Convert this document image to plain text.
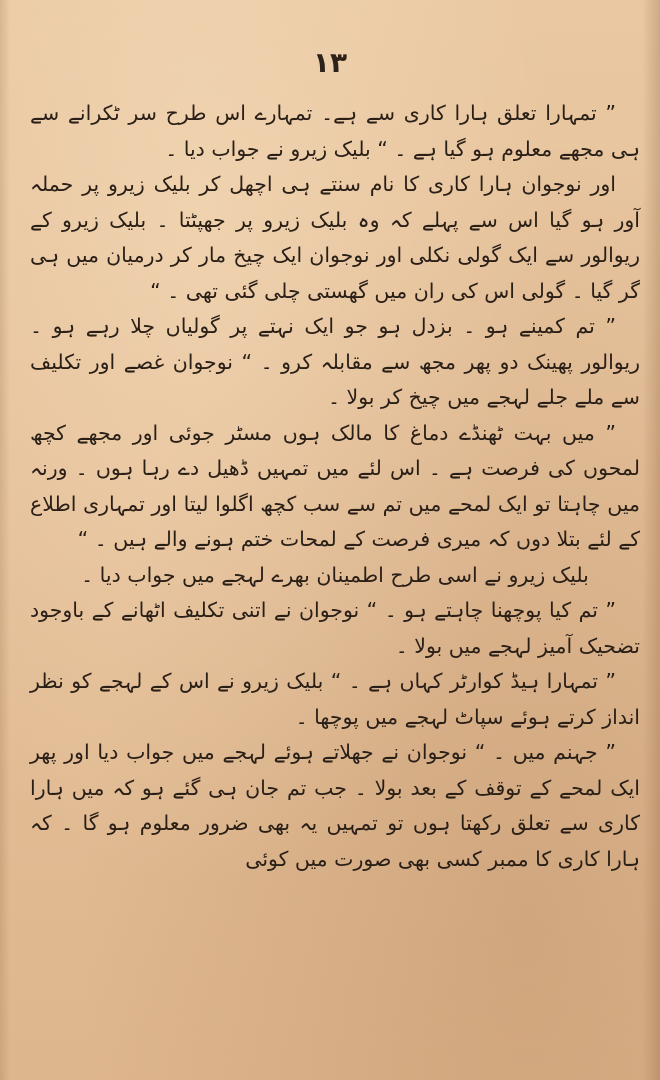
۱۳

” تمہارا تعلق ہارا کاری سے ہے۔ تمہارے اس طرح سر ٹکرانے سے ہی مجھے معلوم ہو گیا ہے ۔ “ بلیک زیرو نے جواب دیا ۔

اور نوجوان ہارا کاری کا نام سنتے ہی اچھل کر بلیک زیرو پر حملہ آور ہو گیا اس سے پہلے کہ وہ بلیک زیرو پر جھپٹتا ۔ بلیک زیرو کے ریوالور سے ایک گولی نکلی اور نوجوان ایک چیخ مار کر درمیان میں ہی گر گیا ۔ گولی اس کی ران میں گھستی چلی گئی تھی ۔ “

” تم کمینے ہو ۔ بزدل ہو جو ایک نہتے پر گولیاں چلا رہے ہو ۔ ریوالور پھینک دو پھر مجھ سے مقابلہ کرو ۔ “ نوجوان غصے اور تکلیف سے ملے جلے لہجے میں چیخ کر بولا ۔

” میں بہت ٹھنڈے دماغ کا مالک ہوں مسٹر جوئی اور مجھے کچھ لمحوں کی فرصت ہے ۔ اس لئے میں تمہیں ڈھیل دے رہا ہوں ۔ ورنہ میں چاہتا تو ایک لمحے میں تم سے سب کچھ اگلوا لیتا اور تمہاری اطلاع کے لئے بتلا دوں کہ میری فرصت کے لمحات ختم ہونے والے ہیں ۔ “

بلیک زیرو نے اسی طرح اطمینان بھرے لہجے میں جواب دیا ۔

” تم کیا پوچھنا چاہتے ہو ۔ “ نوجوان نے اتنی تکلیف اٹھانے کے باوجود تضحیک آمیز لہجے میں بولا ۔

” تمہارا ہیڈ کوارٹر کہاں ہے ۔ “ بلیک زیرو نے اس کے لہجے کو نظر انداز کرتے ہوئے سپاٹ لہجے میں پوچھا ۔

” جہنم میں ۔ “ نوجوان نے جھلاتے ہوئے لہجے میں جواب دیا اور پھر ایک لمحے کے توقف کے بعد بولا ۔ جب تم جان ہی گئے ہو کہ میں ہارا کاری سے تعلق رکھتا ہوں تو تمہیں یہ بھی ضرور معلوم ہو گا ۔ کہ ہارا کاری کا ممبر کسی بھی صورت میں کوئی
